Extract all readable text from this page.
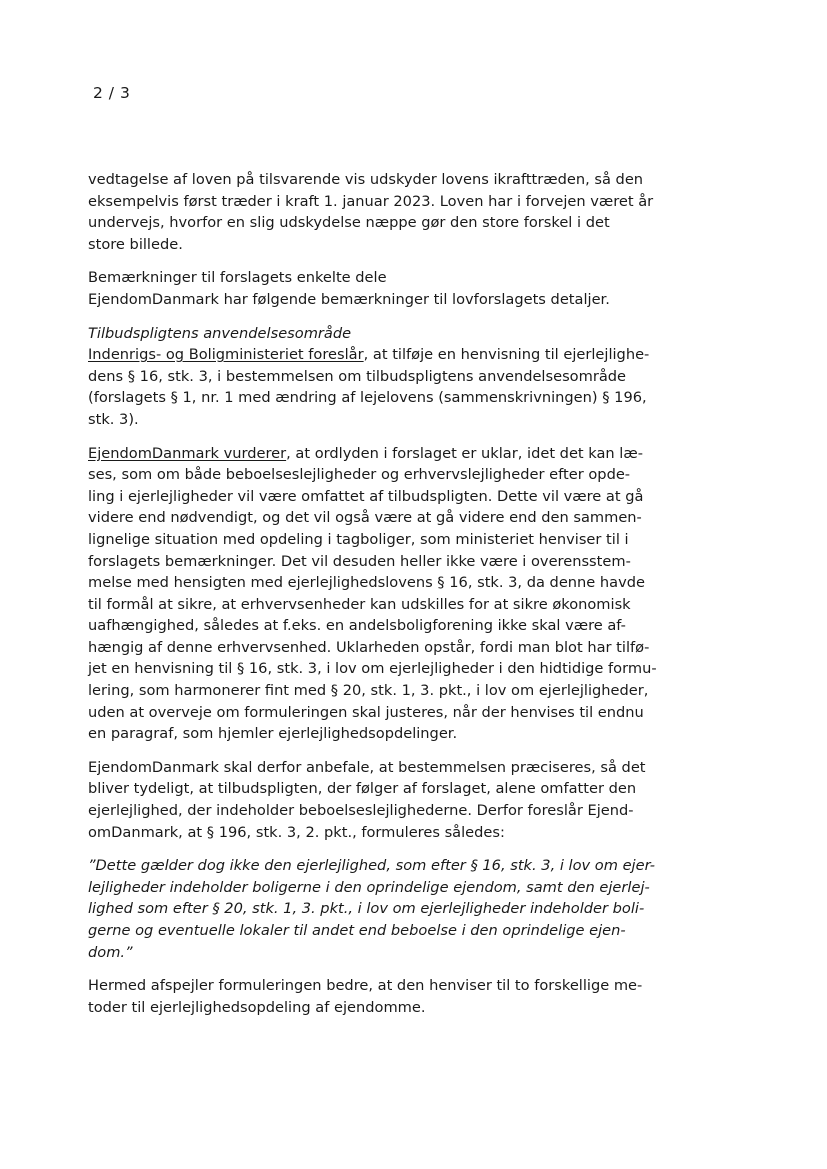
2 / 3

vedtagelse af loven på tilsvarende vis udskyder lovens ikrafttræden, så den
eksempelvis først træder i kraft 1. januar 2023. Loven har i forvejen været år
undervejs, hvorfor en slig udskydelse næppe gør den store forskel i det
store billede.

Bemærkninger til forslagets enkelte dele
EjendomDanmark har følgende bemærkninger til lovforslagets detaljer.

Tilbudspligtens anvendelsesområde
Indenrigs- og Boligministeriet foreslår, at tilføje en henvisning til ejerlejlighe-
dens § 16, stk. 3, i bestemmelsen om tilbudspligtens anvendelsesområde
(forslagets § 1, nr. 1 med ændring af lejelovens (sammenskrivningen) § 196,
stk. 3).

EjendomDanmark vurderer, at ordlyden i forslaget er uklar, idet det kan læ-
ses, som om både beboelseslejligheder og erhvervslejligheder efter opde-
ling i ejerlejligheder vil være omfattet af tilbudspligten. Dette vil være at gå
videre end nødvendigt, og det vil også være at gå videre end den sammen-
lignelige situation med opdeling i tagboliger, som ministeriet henviser til i
forslagets bemærkninger. Det vil desuden heller ikke være i overensstem-
melse med hensigten med ejerlejlighedslovens § 16, stk. 3, da denne havde
til formål at sikre, at erhvervsenheder kan udskilles for at sikre økonomisk
uafhængighed, således at f.eks. en andelsboligforening ikke skal være af-
hængig af denne erhvervsenhed. Uklarheden opstår, fordi man blot har tilfø-
jet en henvisning til § 16, stk. 3, i lov om ejerlejligheder i den hidtidige formu-
lering, som harmonerer fint med § 20, stk. 1, 3. pkt., i lov om ejerlejligheder,
uden at overveje om formuleringen skal justeres, når der henvises til endnu
en paragraf, som hjemler ejerlejlighedsopdelinger.

EjendomDanmark skal derfor anbefale, at bestemmelsen præciseres, så det
bliver tydeligt, at tilbudspligten, der følger af forslaget, alene omfatter den
ejerlejlighed, der indeholder beboelseslejlighederne. Derfor foreslår Ejend-
omDanmark, at § 196, stk. 3, 2. pkt., formuleres således:

”Dette gælder dog ikke den ejerlejlighed, som efter § 16, stk. 3, i lov om ejer-
lejligheder indeholder boligerne i den oprindelige ejendom, samt den ejerlej-
lighed som efter § 20, stk. 1, 3. pkt., i lov om ejerlejligheder indeholder boli-
gerne og eventuelle lokaler til andet end beboelse i den oprindelige ejen-
dom.”

Hermed afspejler formuleringen bedre, at den henviser til to forskellige me-
toder til ejerlejlighedsopdeling af ejendomme.
